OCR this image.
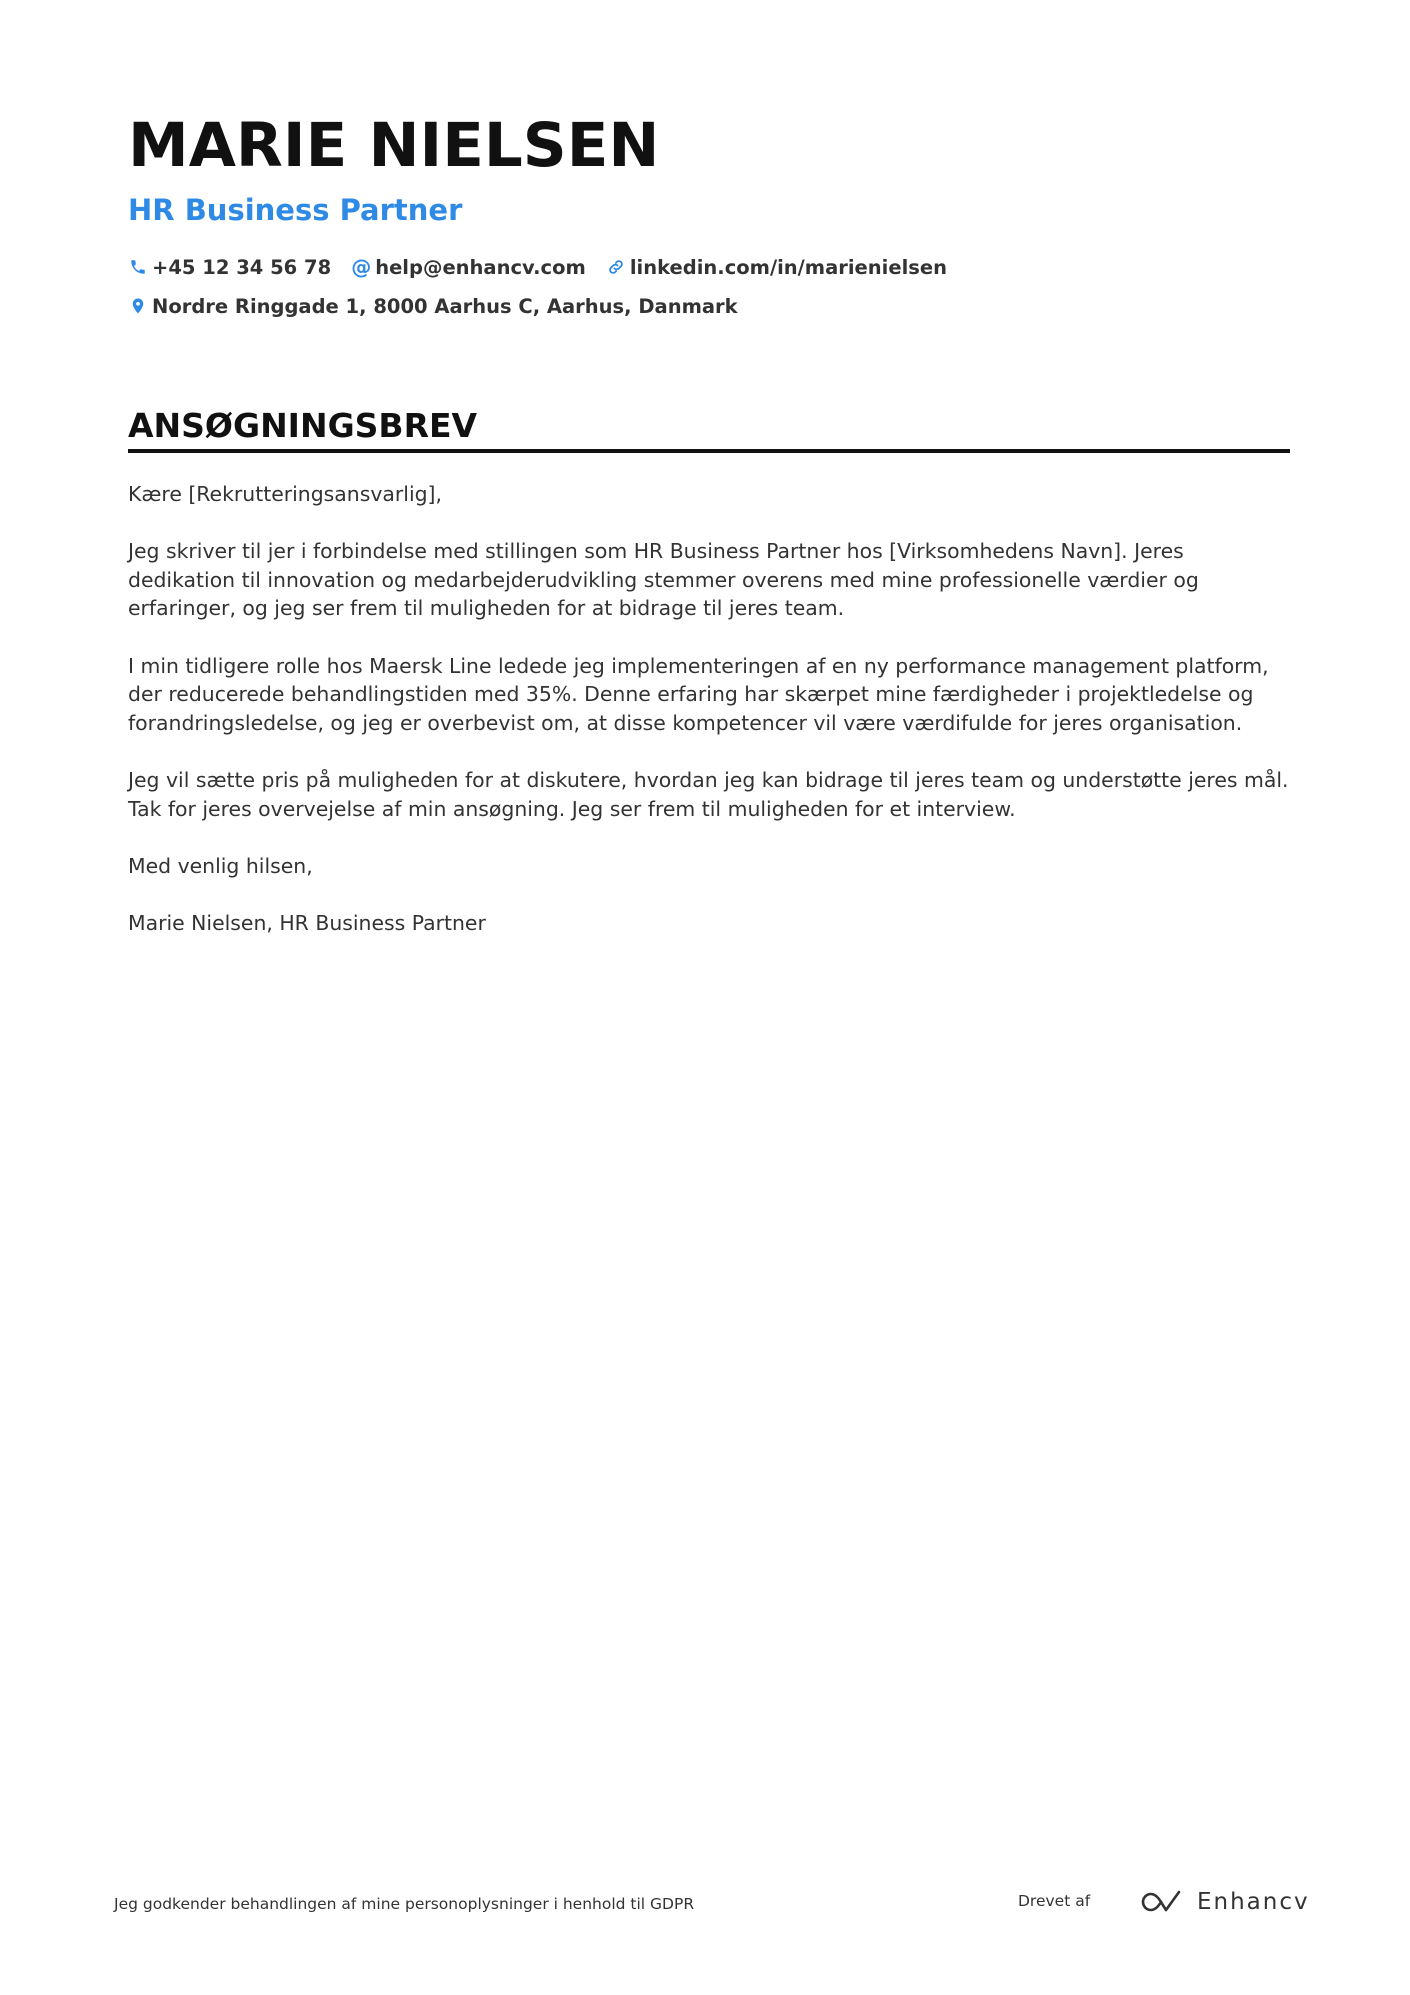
MARIE NIELSEN
HR Business Partner
+45 12 34 56 78 @ help@enhancv.com linkedin.com/in/marienielsen
Nordre Ringgade 1, 8000 Aarhus C, Aarhus, Danmark
ANSØGNINGSBREV

Kære [Rekrutteringsansvarlig],

Jeg skriver til jer i forbindelse med stillingen som HR Business Partner hos [Virksomhedens Navn]. Jeres dedikation til innovation og medarbejderudvikling stemmer overens med mine professionelle værdier og erfaringer, og jeg ser frem til muligheden for at bidrage til jeres team.

I min tidligere rolle hos Maersk Line ledede jeg implementeringen af en ny performance management platform, der reducerede behandlingstiden med 35%. Denne erfaring har skærpet mine færdigheder i projektledelse og forandringsledelse, og jeg er overbevist om, at disse kompetencer vil være værdifulde for jeres organisation.

Jeg vil sætte pris på muligheden for at diskutere, hvordan jeg kan bidrage til jeres team og understøtte jeres mål. Tak for jeres overvejelse af min ansøgning. Jeg ser frem til muligheden for et interview.

Med venlig hilsen,

Marie Nielsen, HR Business Partner

Jeg godkender behandlingen af mine personoplysninger i henhold til GDPR	Drevet af	Enhancv
